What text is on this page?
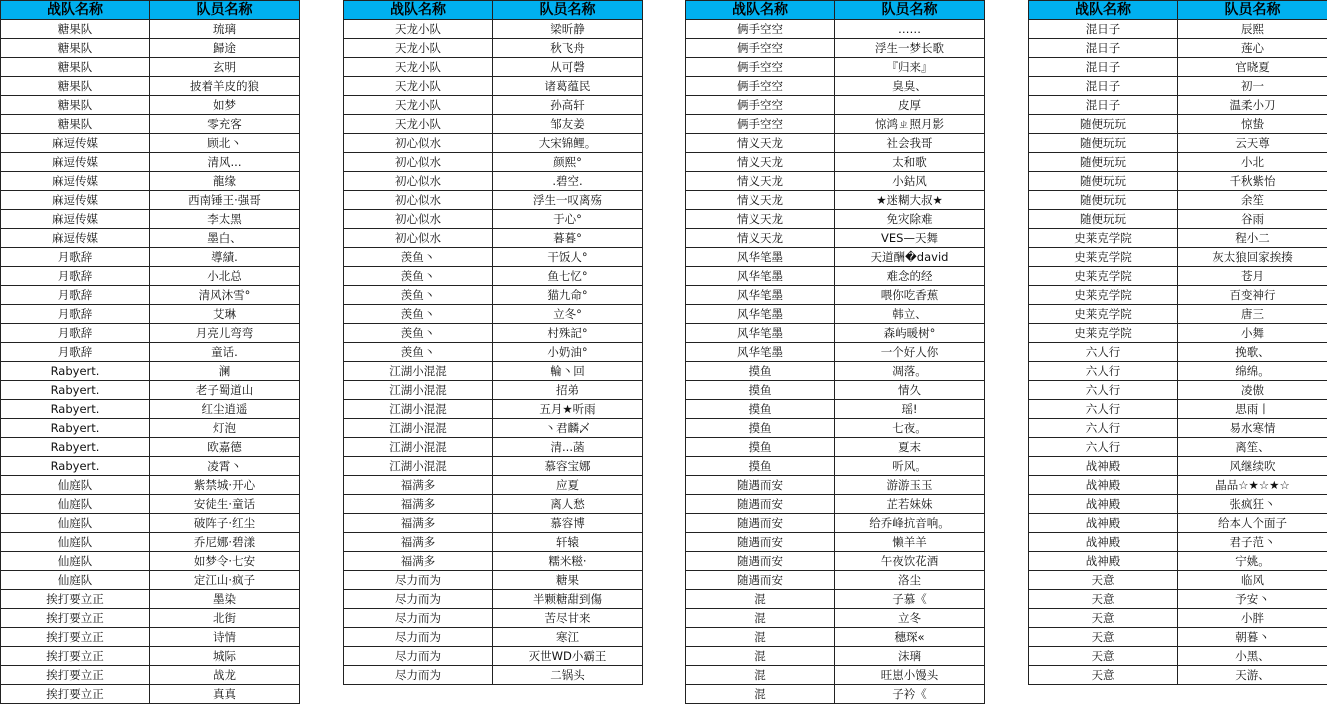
战队名称	队员名称
糖果队	琉璃
糖果队	歸途
糖果队	玄明
糖果队	披着羊皮的狼
糖果队	如梦
糖果队	零充客
麻逗传媒	顾北丶
麻逗传媒	清风...
麻逗传媒	龍缘
麻逗传媒	西南锤王·强哥
麻逗传媒	李太黑
麻逗传媒	墨白、
月歌辞	導績.
月歌辞	小北总
月歌辞	清风沐雪°
月歌辞	艾琳
月歌辞	月亮儿弯弯
月歌辞	童话.
Rabyert.	澜
Rabyert.	老子蜀道山
Rabyert.	红尘逍遥
Rabyert.	灯泡
Rabyert.	欧嘉德
Rabyert.	凌霄丶
仙庭队	紫禁城·开心
仙庭队	安徒生·童话
仙庭队	破阵子·红尘
仙庭队	乔尼娜·碧漾
仙庭队	如梦令·七安
仙庭队	定江山·疯子
挨打要立正	墨染
挨打要立正	北街
挨打要立正	诗情
挨打要立正	城际
挨打要立正	战龙
挨打要立正	真真
战队名称	队员名称
天龙小队	梁昕静
天龙小队	秋飞舟
天龙小队	从可磬
天龙小队	诸葛蕴民
天龙小队	孙高轩
天龙小队	邹友姜
初心似水	大宋锦鲤。
初心似水	颜熙°
初心似水	.碧空.
初心似水	浮生一叹离殇
初心似水	于心°
初心似水	暮暮°
羡鱼丶	干饭人°
羡鱼丶	鱼七忆°
羡鱼丶	猫九命°
羡鱼丶	立冬°
羡鱼丶	村殊記°
羡鱼丶	小奶油°
江湖小混混	輪丶回
江湖小混混	招弟
江湖小混混	五月★听雨
江湖小混混	丶君麟乄
江湖小混混	清...菡
江湖小混混	慕容宝娜
福满多	应夏
福满多	离人愁
福满多	慕容博
福满多	轩辕
福满多	糯米糍·
尽力而为	糖果
尽力而为	半颗糖甜到傷
尽力而为	苦尽甘来
尽力而为	寒江
尽力而为	灭世WD小霸王
尽力而为	二锅头
战队名称	队员名称
俩手空空	……
俩手空空	浮生一梦长歌
俩手空空	『归来』
俩手空空	臭臭、
俩手空空	皮厚
俩手空空	惊鸿ㄓ照月影
情义天龙	社会我哥
情义天龙	太和歌
情义天龙	小鈷风
情义天龙	★迷糊大叔★
情义天龙	免灾除难
情义天龙	VES—天舞
风华笔墨	天道酬�david
风华笔墨	难念的经
风华笔墨	喂你吃香蕉
风华笔墨	韩立、
风华笔墨	森屿暖树°
风华笔墨	一个好人你
摸鱼	凋落。
摸鱼	情久
摸鱼	瑶!
摸鱼	七夜。
摸鱼	夏末
摸鱼	听风。
随遇而安	游游玉玉
随遇而安	芷若妹妹
随遇而安	给乔峰抗音响。
随遇而安	懒羊羊
随遇而安	午夜饮花酒
随遇而安	洛尘
混	子慕《
混	立冬
混	穗琛«
混	沫璃
混	旺崽小馒头
混	子衿《
战队名称	队员名称
混日子	辰熙
混日子	莲心
混日子	官晓夏
混日子	初一
混日子	温柔小刀
随便玩玩	惊蛰
随便玩玩	云天尊
随便玩玩	小北
随便玩玩	千秋紫怡
随便玩玩	余笙
随便玩玩	谷雨
史莱克学院	程小二
史莱克学院	灰太狼回家挨揍
史莱克学院	苍月
史莱克学院	百变神行
史莱克学院	唐三
史莱克学院	小舞
六人行	挽歌、
六人行	绵绵。
六人行	凌傲
六人行	思雨丨
六人行	易水寒情
六人行	离笙、
战神殿	风继续吹
战神殿	晶品☆★☆★☆
战神殿	张疯狂丶
战神殿	给本人个面子
战神殿	君子范丶
战神殿	宁姚。
天意	临风
天意	予安丶
天意	小胖
天意	朝暮丶
天意	小黑、
天意	天游、
